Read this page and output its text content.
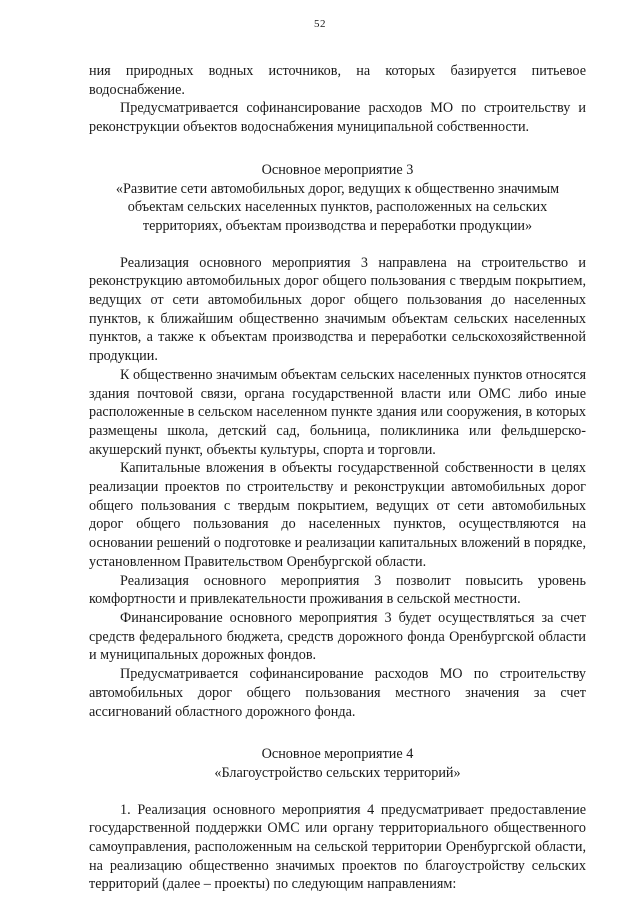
52

ния природных водных источников, на которых базируется питьевое водоснабжение.

Предусматривается софинансирование расходов МО по строительству и реконструкции объектов водоснабжения муниципальной собственности.

Основное мероприятие 3

«Развитие сети автомобильных дорог, ведущих к общественно значимым объектам сельских населенных пунктов, расположенных на сельских территориях, объектам производства и переработки продукции»

Реализация основного мероприятия 3 направлена на строительство и реконструкцию автомобильных дорог общего пользования с твердым покрытием, ведущих от сети автомобильных дорог общего пользования до населенных пунктов, к ближайшим общественно значимым объектам сельских населенных пунктов, а также к объектам производства и переработки сельскохозяйственной продукции.

К общественно значимым объектам сельских населенных пунктов относятся здания почтовой связи, органа государственной власти или ОМС либо иные расположенные в сельском населенном пункте здания или сооружения, в которых размещены школа, детский сад, больница, поликлиника или фельдшерско-акушерский пункт, объекты культуры, спорта и торговли.

Капитальные вложения в объекты государственной собственности в целях реализации проектов по строительству и реконструкции автомобильных дорог общего пользования с твердым покрытием, ведущих от сети автомобильных дорог общего пользования до населенных пунктов, осуществляются на основании решений о подготовке и реализации капитальных вложений в порядке, установленном Правительством Оренбургской области.

Реализация основного мероприятия 3 позволит повысить уровень комфортности и привлекательности проживания в сельской местности.

Финансирование основного мероприятия 3 будет осуществляться за счет средств федерального бюджета, средств дорожного фонда Оренбургской области и муниципальных дорожных фондов.

Предусматривается софинансирование расходов МО по строительству автомобильных дорог общего пользования местного значения за счет ассигнований областного дорожного фонда.

Основное мероприятие 4

«Благоустройство сельских территорий»

1. Реализация основного мероприятия 4 предусматривает предоставление государственной поддержки ОМС или органу территориального общественного самоуправления, расположенным на сельской территории Оренбургской области, на реализацию общественно значимых проектов по благоустройству сельских территорий (далее – проекты) по следующим направлениям:
